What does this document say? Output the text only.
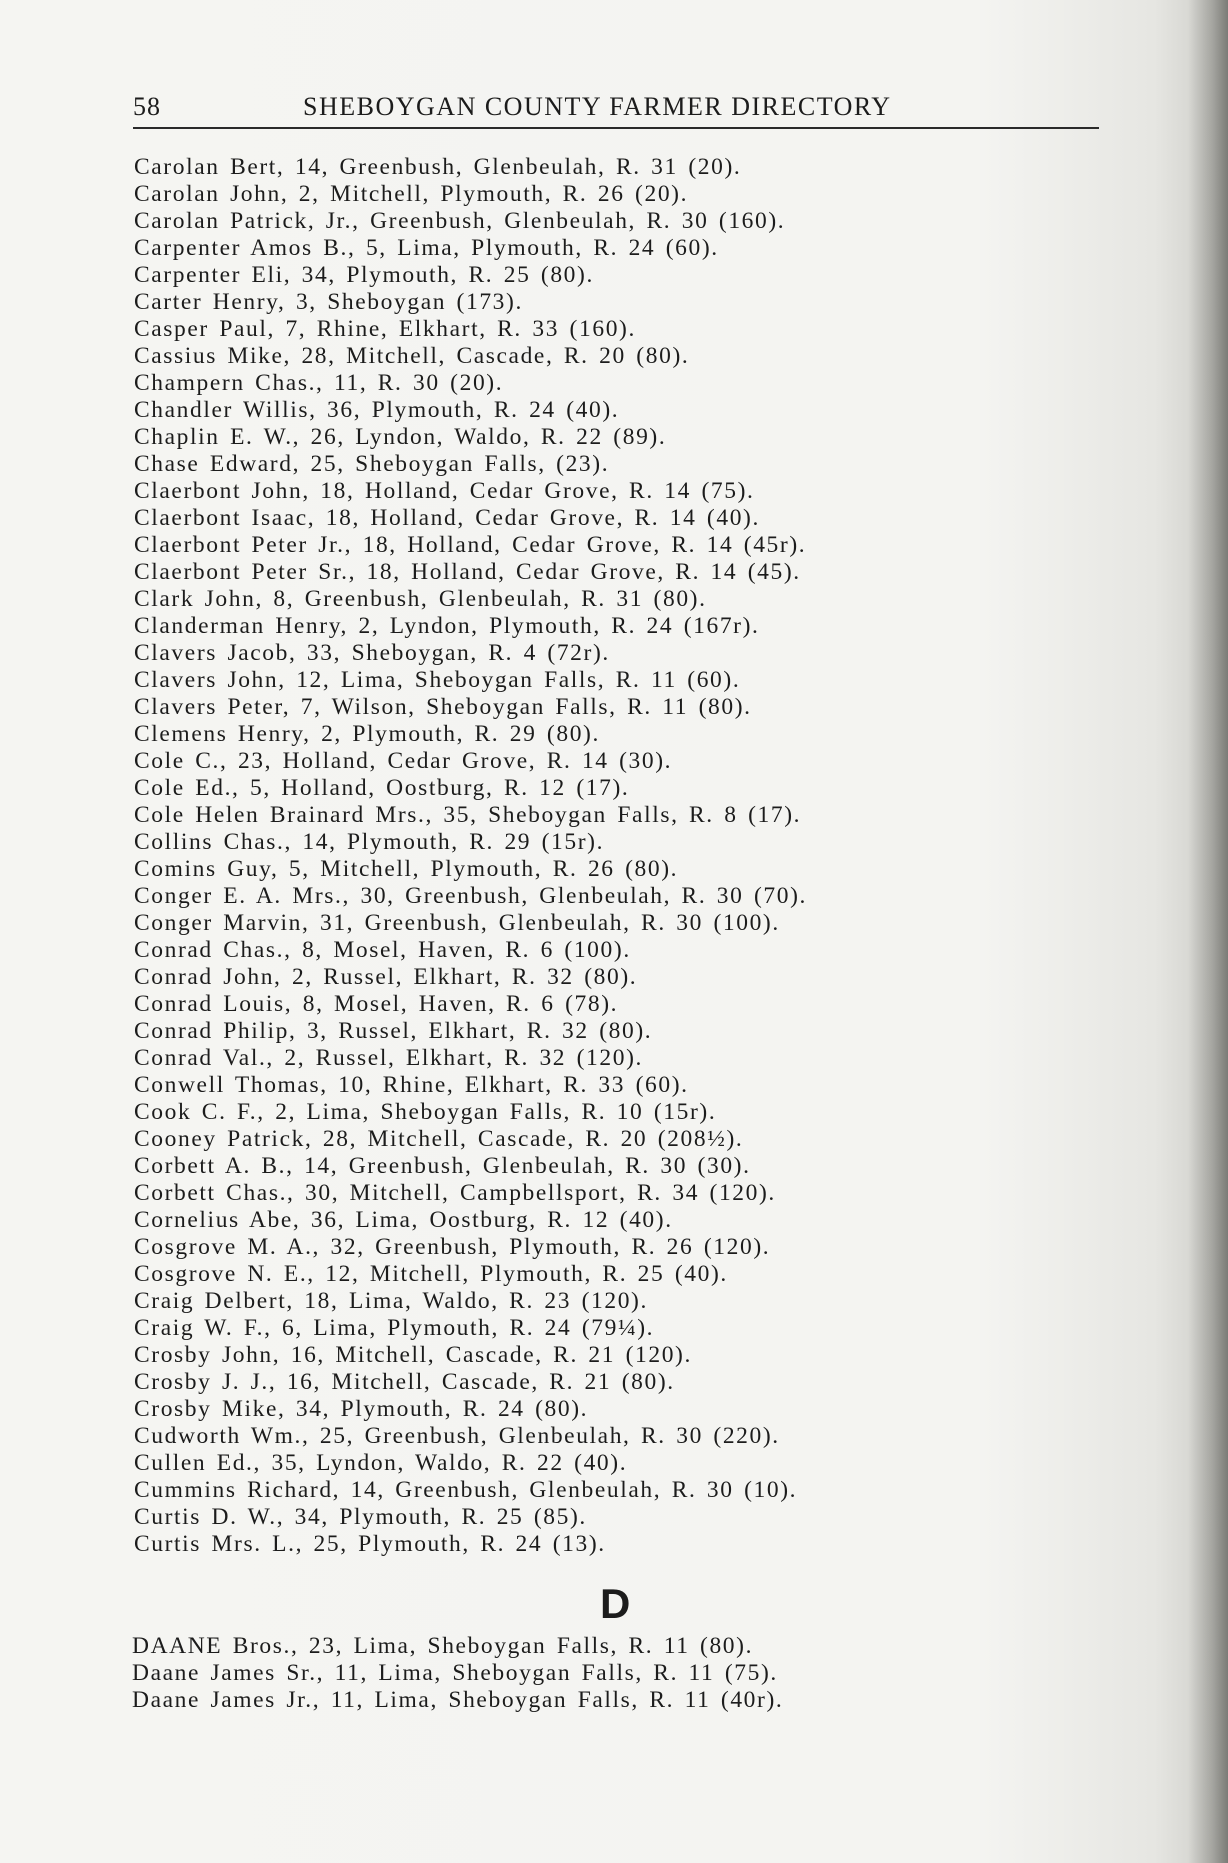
58	SHEBOYGAN COUNTY FARMER DIRECTORY
Carolan Bert, 14, Greenbush, Glenbeulah, R. 31 (20).
Carolan John, 2, Mitchell, Plymouth, R. 26 (20).
Carolan Patrick, Jr., Greenbush, Glenbeulah, R. 30 (160).
Carpenter Amos B., 5, Lima, Plymouth, R. 24 (60).
Carpenter Eli, 34, Plymouth, R. 25 (80).
Carter Henry, 3, Sheboygan (173).
Casper Paul, 7, Rhine, Elkhart, R. 33 (160).
Cassius Mike, 28, Mitchell, Cascade, R. 20 (80).
Champern Chas., 11, R. 30 (20).
Chandler Willis, 36, Plymouth, R. 24 (40).
Chaplin E. W., 26, Lyndon, Waldo, R. 22 (89).
Chase Edward, 25, Sheboygan Falls, (23).
Claerbont John, 18, Holland, Cedar Grove, R. 14 (75).
Claerbont Isaac, 18, Holland, Cedar Grove, R. 14 (40).
Claerbont Peter Jr., 18, Holland, Cedar Grove, R. 14 (45r).
Claerbont Peter Sr., 18, Holland, Cedar Grove, R. 14 (45).
Clark John, 8, Greenbush, Glenbeulah, R. 31 (80).
Clanderman Henry, 2, Lyndon, Plymouth, R. 24 (167r).
Clavers Jacob, 33, Sheboygan, R. 4 (72r).
Clavers John, 12, Lima, Sheboygan Falls, R. 11 (60).
Clavers Peter, 7, Wilson, Sheboygan Falls, R. 11 (80).
Clemens Henry, 2, Plymouth, R. 29 (80).
Cole C., 23, Holland, Cedar Grove, R. 14 (30).
Cole Ed., 5, Holland, Oostburg, R. 12 (17).
Cole Helen Brainard Mrs., 35, Sheboygan Falls, R. 8 (17).
Collins Chas., 14, Plymouth, R. 29 (15r).
Comins Guy, 5, Mitchell, Plymouth, R. 26 (80).
Conger E. A. Mrs., 30, Greenbush, Glenbeulah, R. 30 (70).
Conger Marvin, 31, Greenbush, Glenbeulah, R. 30 (100).
Conrad Chas., 8, Mosel, Haven, R. 6 (100).
Conrad John, 2, Russel, Elkhart, R. 32 (80).
Conrad Louis, 8, Mosel, Haven, R. 6 (78).
Conrad Philip, 3, Russel, Elkhart, R. 32 (80).
Conrad Val., 2, Russel, Elkhart, R. 32 (120).
Conwell Thomas, 10, Rhine, Elkhart, R. 33 (60).
Cook C. F., 2, Lima, Sheboygan Falls, R. 10 (15r).
Cooney Patrick, 28, Mitchell, Cascade, R. 20 (208½).
Corbett A. B., 14, Greenbush, Glenbeulah, R. 30 (30).
Corbett Chas., 30, Mitchell, Campbellsport, R. 34 (120).
Cornelius Abe, 36, Lima, Oostburg, R. 12 (40).
Cosgrove M. A., 32, Greenbush, Plymouth, R. 26 (120).
Cosgrove N. E., 12, Mitchell, Plymouth, R. 25 (40).
Craig Delbert, 18, Lima, Waldo, R. 23 (120).
Craig W. F., 6, Lima, Plymouth, R. 24 (79¼).
Crosby John, 16, Mitchell, Cascade, R. 21 (120).
Crosby J. J., 16, Mitchell, Cascade, R. 21 (80).
Crosby Mike, 34, Plymouth, R. 24 (80).
Cudworth Wm., 25, Greenbush, Glenbeulah, R. 30 (220).
Cullen Ed., 35, Lyndon, Waldo, R. 22 (40).
Cummins Richard, 14, Greenbush, Glenbeulah, R. 30 (10).
Curtis D. W., 34, Plymouth, R. 25 (85).
Curtis Mrs. L., 25, Plymouth, R. 24 (13).
D
DAANE Bros., 23, Lima, Sheboygan Falls, R. 11 (80).
Daane James Sr., 11, Lima, Sheboygan Falls, R. 11 (75).
Daane James Jr., 11, Lima, Sheboygan Falls, R. 11 (40r).
